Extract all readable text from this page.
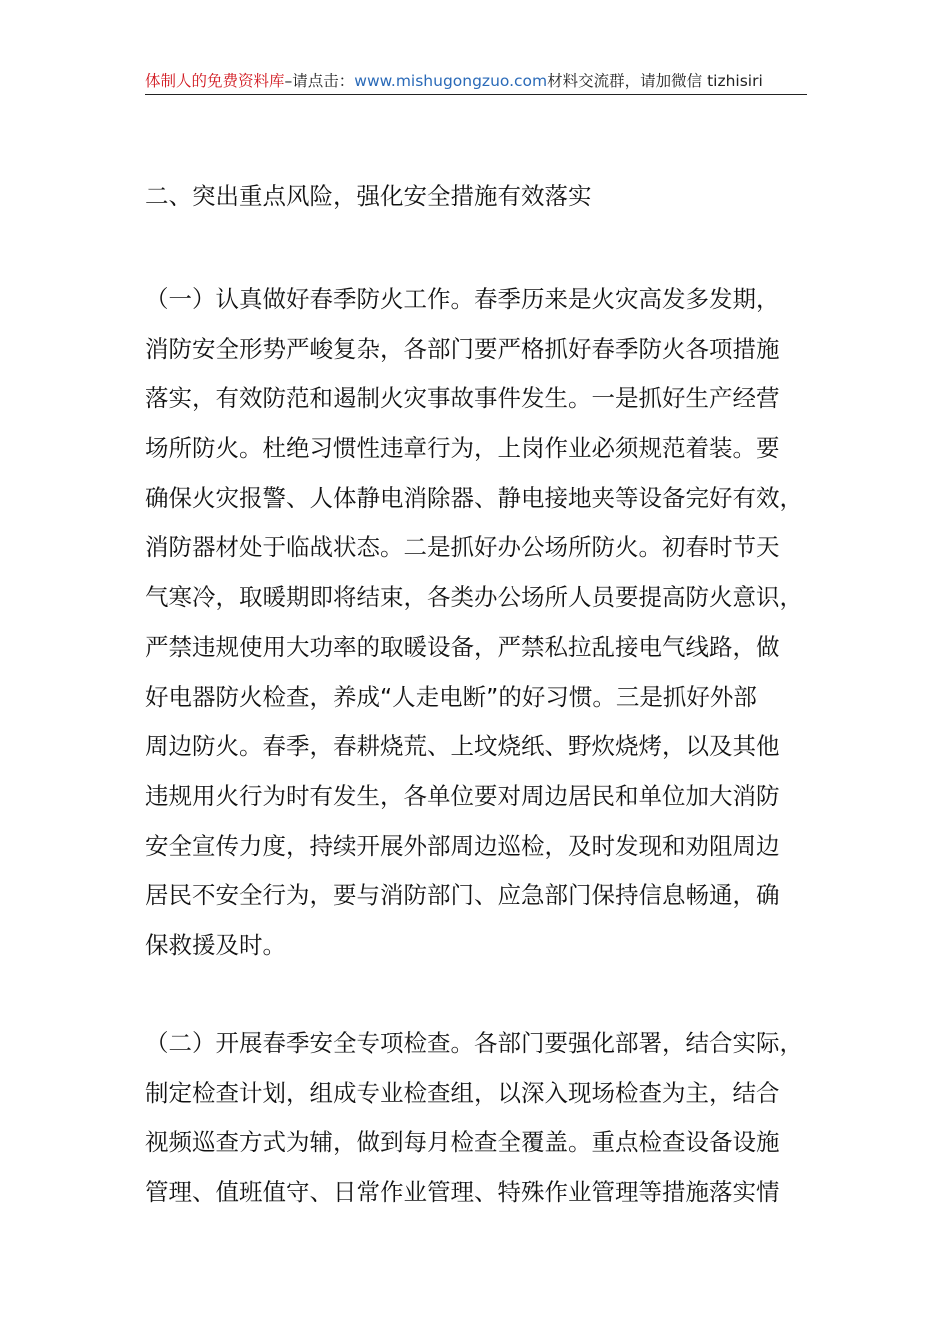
体制人的免费资料库–请点击：www.mishugongzuo.com材料交流群，请加微信 tizhisiri
二、突出重点风险，强化安全措施有效落实
（一）认真做好春季防火工作。春季历来是火灾高发多发期，
消防安全形势严峻复杂，各部门要严格抓好春季防火各项措施
落实，有效防范和遏制火灾事故事件发生。一是抓好生产经营
场所防火。杜绝习惯性违章行为，上岗作业必须规范着装。要
确保火灾报警、人体静电消除器、静电接地夹等设备完好有效，
消防器材处于临战状态。二是抓好办公场所防火。初春时节天
气寒冷，取暖期即将结束，各类办公场所人员要提高防火意识，
严禁违规使用大功率的取暖设备，严禁私拉乱接电气线路，做
好电器防火检查，养成“人走电断”的好习惯。三是抓好外部
周边防火。春季，春耕烧荒、上坟烧纸、野炊烧烤，以及其他
违规用火行为时有发生，各单位要对周边居民和单位加大消防
安全宣传力度，持续开展外部周边巡检，及时发现和劝阻周边
居民不安全行为，要与消防部门、应急部门保持信息畅通，确
保救援及时。
（二）开展春季安全专项检查。各部门要强化部署，结合实际，
制定检查计划，组成专业检查组，以深入现场检查为主，结合
视频巡查方式为辅，做到每月检查全覆盖。重点检查设备设施
管理、值班值守、日常作业管理、特殊作业管理等措施落实情
